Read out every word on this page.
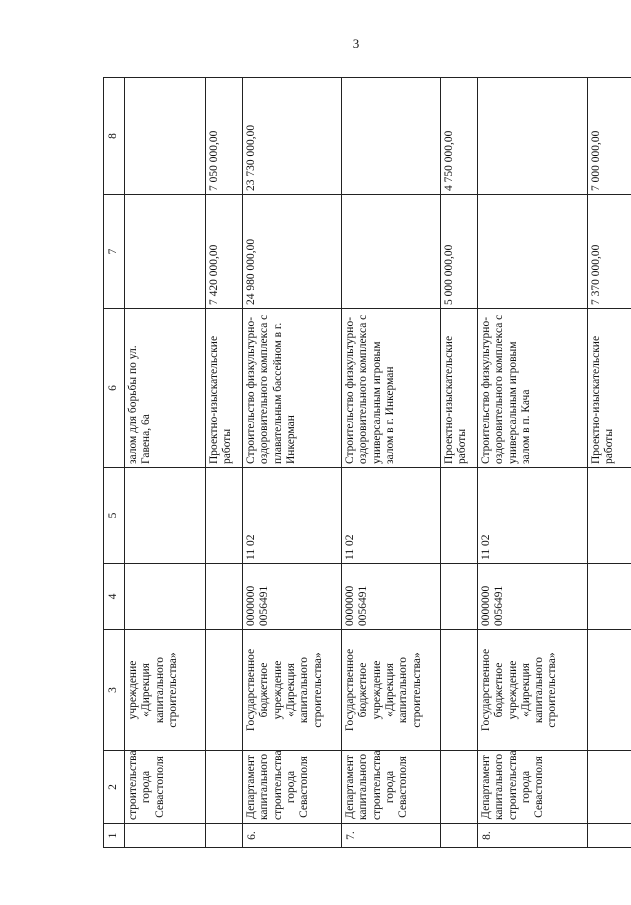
3
1	2	3	4	5	6	7	8
	строительства города Севастополя	учреждение «Дирекция капитального строительства»			залом для борьбы по ул. Гавена, 6а		
					Проектно-изыскательские работы	7 420 000,00	7 050 000,00
6.	Департамент капитального строительства города Севастополя	Государственное бюджетное учреждение «Дирекция капитального строительства»	0000000 0056491	11 02	Строительство физкультурно-оздоровительного комплекса с плавательным бассейном в г. Инкерман	24 980 000,00	23 730 000,00
7.	Департамент капитального строительства города Севастополя	Государственное бюджетное учреждение «Дирекция капитального строительства»	0000000 0056491	11 02	Строительство физкультурно-оздоровительного комплекса с универсальным игровым залом в г. Инкерман		
					Проектно-изыскательские работы	5 000 000,00	4 750 000,00
8.	Департамент капитального строительства города Севастополя	Государственное бюджетное учреждение «Дирекция капитального строительства»	0000000 0056491	11 02	Строительство физкультурно-оздоровительного комплекса с универсальным игровым залом в п. Кача		
					Проектно-изыскательские работы	7 370 000,00	7 000 000,00
